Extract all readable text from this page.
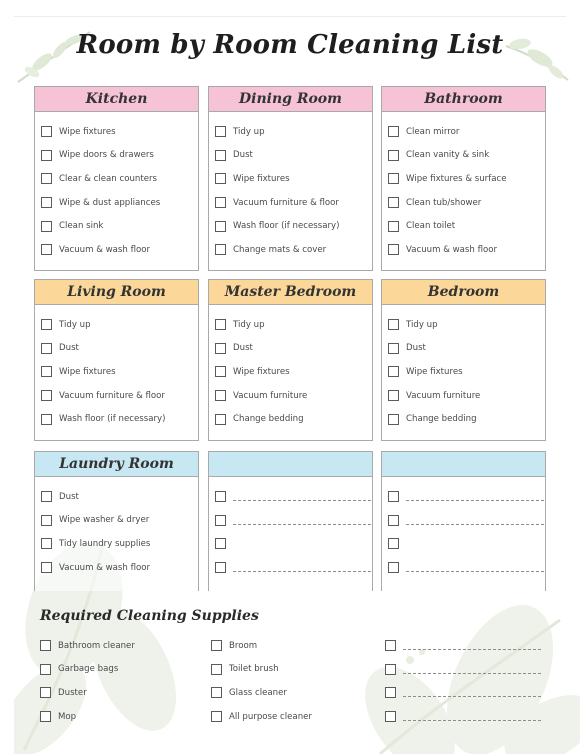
Room by Room Cleaning List
Kitchen
Wipe fixtures
Wipe doors & drawers
Clear & clean counters
Wipe & dust appliances
Clean sink
Vacuum & wash floor
Dining Room
Tidy up
Dust
Wipe fixtures
Vacuum furniture & floor
Wash floor (if necessary)
Change mats & cover
Bathroom
Clean mirror
Clean vanity & sink
Wipe fixtures & surface
Clean tub/shower
Clean toilet
Vacuum & wash floor
Living Room
Tidy up
Dust
Wipe fixtures
Vacuum furniture & floor
Wash floor (if necessary)
Master Bedroom
Tidy up
Dust
Wipe fixtures
Vacuum furniture
Change bedding
Bedroom
Tidy up
Dust
Wipe fixtures
Vacuum furniture
Change bedding
Laundry Room
Dust
Wipe washer & dryer
Tidy laundry supplies
Vacuum & wash floor
Required Cleaning Supplies
Bathroom cleaner
Garbage bags
Duster
Mop
Broom
Toilet brush
Glass cleaner
All purpose cleaner
